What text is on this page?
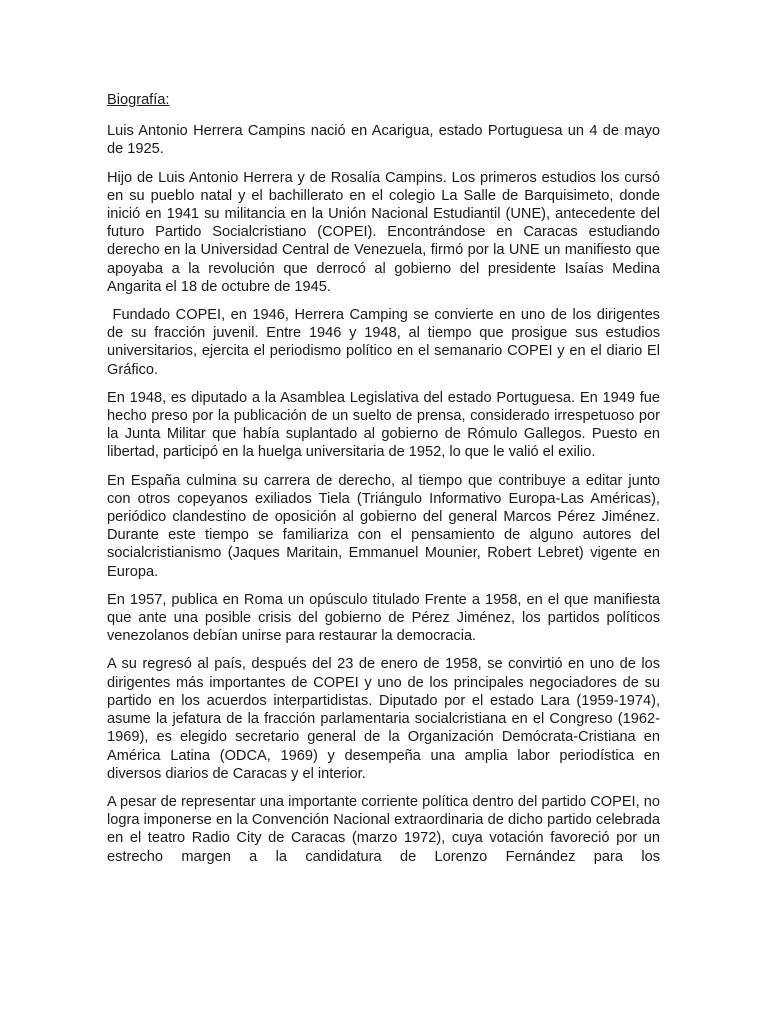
Biografía:

Luis Antonio Herrera Campins nació en Acarigua, estado Portuguesa un 4 de mayo de 1925.

Hijo de Luis Antonio Herrera y de Rosalía Campins. Los primeros estudios los cursó en su pueblo natal y el bachillerato en el colegio La Salle de Barquisimeto, donde inició en 1941 su militancia en la Unión Nacional Estudiantil (UNE), antecedente del futuro Partido Socialcristiano (COPEI). Encontrándose en Caracas estudiando derecho en la Universidad Central de Venezuela, firmó por la UNE un manifiesto que apoyaba a la revolución que derrocó al gobierno del presidente Isaías Medina Angarita el 18 de octubre de 1945.

Fundado COPEI, en 1946, Herrera Camping se convierte en uno de los dirigentes de su fracción juvenil. Entre 1946 y 1948, al tiempo que prosigue sus estudios universitarios, ejercita el periodismo político en el semanario COPEI y en el diario El Gráfico.

En 1948, es diputado a la Asamblea Legislativa del estado Portuguesa. En 1949 fue hecho preso por la publicación de un suelto de prensa, considerado irrespetuoso por la Junta Militar que había suplantado al gobierno de Rómulo Gallegos. Puesto en libertad, participó en la huelga universitaria de 1952, lo que le valió el exilio.

En España culmina su carrera de derecho, al tiempo que contribuye a editar junto con otros copeyanos exiliados Tiela (Triángulo Informativo Europa-Las Américas), periódico clandestino de oposición al gobierno del general Marcos Pérez Jiménez. Durante este tiempo se familiariza con el pensamiento de alguno autores del socialcristianismo (Jaques Maritain, Emmanuel Mounier, Robert Lebret) vigente en Europa.

En 1957, publica en Roma un opúsculo titulado Frente a 1958, en el que manifiesta que ante una posible crisis del gobierno de Pérez Jiménez, los partidos políticos venezolanos debían unirse para restaurar la democracia.

A su regresó al país, después del 23 de enero de 1958, se convirtió en uno de los dirigentes más importantes de COPEI y uno de los principales negociadores de su partido en los acuerdos interpartidistas. Diputado por el estado Lara (1959-1974), asume la jefatura de la fracción parlamentaria socialcristiana en el Congreso (1962-1969), es elegido secretario general de la Organización Demócrata-Cristiana en América Latina (ODCA, 1969) y desempeña una amplia labor periodística en diversos diarios de Caracas y el interior.

A pesar de representar una importante corriente política dentro del partido COPEI, no logra imponerse en la Convención Nacional extraordinaria de dicho partido celebrada en el teatro Radio City de Caracas (marzo 1972), cuya votación favoreció por un estrecho margen a la candidatura de Lorenzo Fernández para los
